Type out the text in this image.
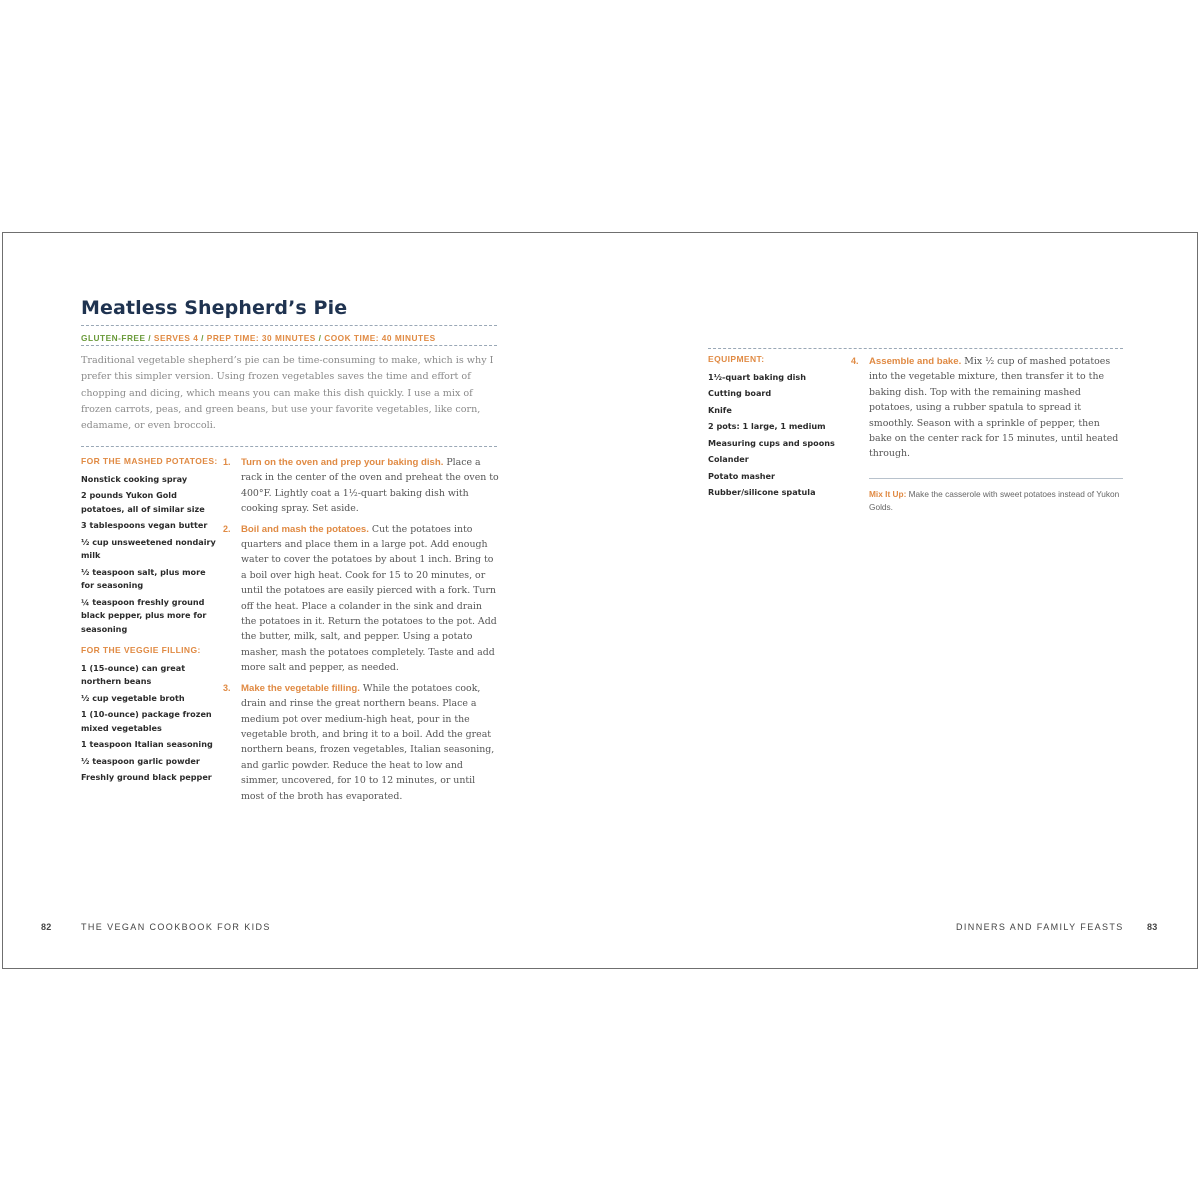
Meatless Shepherd’s Pie
GLUTEN-FREE / SERVES 4 / PREP TIME: 30 MINUTES / COOK TIME: 40 MINUTES
Traditional vegetable shepherd’s pie can be time-consuming to make, which is why I prefer this simpler version. Using frozen vegetables saves the time and effort of chopping and dicing, which means you can make this dish quickly. I use a mix of frozen carrots, peas, and green beans, but use your favorite vegetables, like corn, edamame, or even broccoli.
FOR THE MASHED POTATOES:
Nonstick cooking spray
2 pounds Yukon Gold potatoes, all of similar size
3 tablespoons vegan butter
½ cup unsweetened nondairy milk
½ teaspoon salt, plus more for seasoning
¼ teaspoon freshly ground black pepper, plus more for seasoning
FOR THE VEGGIE FILLING:
1 (15-ounce) can great northern beans
½ cup vegetable broth
1 (10-ounce) package frozen mixed vegetables
1 teaspoon Italian seasoning
½ teaspoon garlic powder
Freshly ground black pepper
1. Turn on the oven and prep your baking dish. Place a rack in the center of the oven and preheat the oven to 400°F. Lightly coat a 1½-quart baking dish with cooking spray. Set aside.

2. Boil and mash the potatoes. Cut the potatoes into quarters and place them in a large pot. Add enough water to cover the potatoes by about 1 inch. Bring to a boil over high heat. Cook for 15 to 20 minutes, or until the potatoes are easily pierced with a fork. Turn off the heat. Place a colander in the sink and drain the potatoes in it. Return the potatoes to the pot. Add the butter, milk, salt, and pepper. Using a potato masher, mash the potatoes completely. Taste and add more salt and pepper, as needed.

3. Make the vegetable filling. While the potatoes cook, drain and rinse the great northern beans. Place a medium pot over medium-high heat, pour in the vegetable broth, and bring it to a boil. Add the great northern beans, frozen vegetables, Italian seasoning, and garlic powder. Reduce the heat to low and simmer, uncovered, for 10 to 12 minutes, or until most of the broth has evaporated.

82	THE VEGAN COOKBOOK FOR KIDS
EQUIPMENT:
1½-quart baking dish
Cutting board
Knife
2 pots: 1 large, 1 medium
Measuring cups and spoons
Colander
Potato masher
Rubber/silicone spatula
4. Assemble and bake. Mix ½ cup of mashed potatoes into the vegetable mixture, then transfer it to the baking dish. Top with the remaining mashed potatoes, using a rubber spatula to spread it smoothly. Season with a sprinkle of pepper, then bake on the center rack for 15 minutes, until heated through.

Mix It Up: Make the casserole with sweet potatoes instead of Yukon Golds.
DINNERS AND FAMILY FEASTS	83
